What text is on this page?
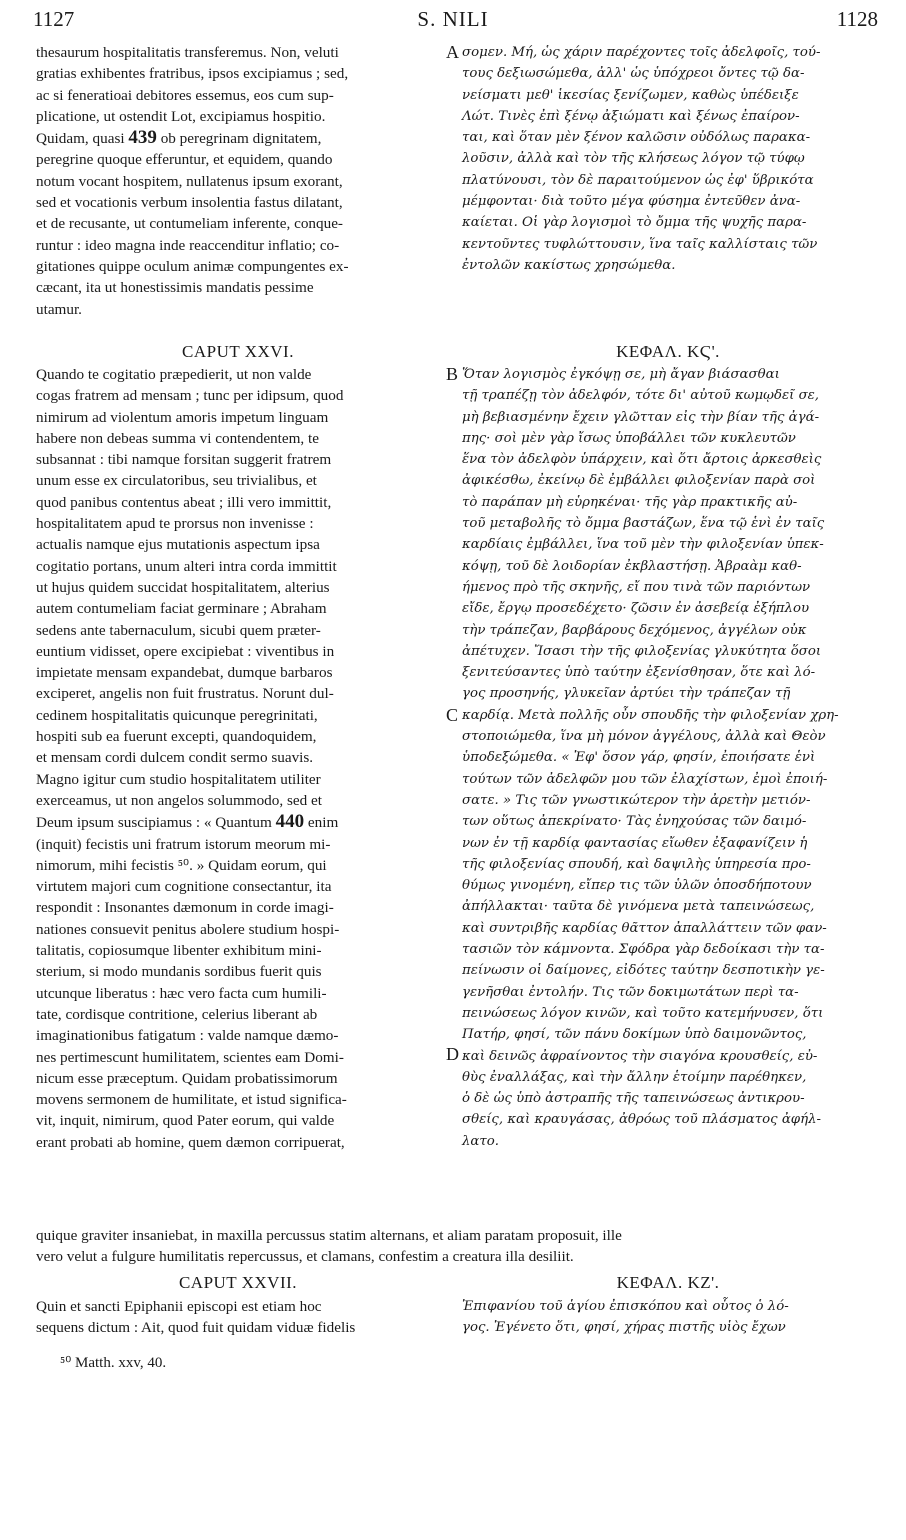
1127	S. NILI	1128

thesaurum hospitalitatis transferemus. Non, veluti

gratias exhibentes fratribus, ipsos excipiamus ; sed,

ac si feneratioai debitores essemus, eos cum sup-

plicatione, ut ostendit Lot, excipiamus hospitio.

Quidam, quasi 439 ob peregrinam dignitatem,

peregrine quoque efferuntur, et equidem, quando

notum vocant hospitem, nullatenus ipsum exorant,

sed et vocationis verbum insolentia fastus dilatant,

et de recusante, ut contumeliam inferente, conque-

runtur : ideo magna inde reaccenditur inflatio; co-

gitationes quippe oculum animæ compungentes ex-

cæcant, ita ut honestissimis mandatis pessime

utamur.

σομεν. Μή, ὡς χάριν παρέχοντες τοῖς ἀδελφοῖς, τού-

τους δεξιωσώμεθα, ἀλλ' ὡς ὑπόχρεοι ὄντες τῷ δα-

νείσματι μεθ' ἱκεσίας ξενίζωμεν, καθὼς ὑπέδειξε

Λώτ. Τινὲς ἐπὶ ξένῳ ἀξιώματι καὶ ξένως ἐπαίρον-

ται, καὶ ὅταν μὲν ξένον καλῶσιν οὐδόλως παρακα-

λοῦσιν, ἀλλὰ καὶ τὸν τῆς κλήσεως λόγον τῷ τύφῳ

πλατύνουσι, τὸν δὲ παραιτούμενον ὡς ἐφ' ὕβρικότα

μέμφονται· διὰ τοῦτο μέγα φύσημα ἐντεῦθεν ἀνα-

καίεται. Οἱ γὰρ λογισμοὶ τὸ ὄμμα τῆς ψυχῆς παρα-

κεντοῦντες τυφλώττουσιν, ἵνα ταῖς καλλίσταις τῶν

ἐντολῶν κακίστως χρησώμεθα.

A
B
C
D
CAPUT XXVI.	ΚΕΦΑΛ. ΚϚ'.

Quando te cogitatio præpedierit, ut non valde

cogas fratrem ad mensam ; tunc per idipsum, quod

nimirum ad violentum amoris impetum linguam

habere non debeas summa vi contendentem, te

subsannat : tibi namque forsitan suggerit fratrem

unum esse ex circulatoribus, seu trivialibus, et

quod panibus contentus abeat ; illi vero immittit,

hospitalitatem apud te prorsus non invenisse :

actualis namque ejus mutationis aspectum ipsa

cogitatio portans, unum alteri intra corda immittit

ut hujus quidem succidat hospitalitatem, alterius

autem contumeliam faciat germinare ; Abraham

sedens ante tabernaculum, sicubi quem præter-

euntium vidisset, opere excipiebat : viventibus in

impietate mensam expandebat, dumque barbaros

exciperet, angelis non fuit frustratus. Norunt dul-

cedinem hospitalitatis quicunque peregrinitati,

hospiti sub ea fuerunt excepti, quandoquidem,

et mensam cordi dulcem condit sermo suavis.

Magno igitur cum studio hospitalitatem utiliter

exerceamus, ut non angelos solummodo, sed et

Deum ipsum suscipiamus : « Quantum 440 enim

(inquit) fecistis uni fratrum istorum meorum mi-

nimorum, mihi fecistis ⁵⁰. » Quidam eorum, qui

virtutem majori cum cognitione consectantur, ita

respondit : Insonantes dæmonum in corde imagi-

nationes consuevit penitus abolere studium hospi-

talitatis, copiosumque libenter exhibitum mini-

sterium, si modo mundanis sordibus fuerit quis

utcunque liberatus : hæc vero facta cum humili-

tate, cordisque contritione, celerius liberant ab

imaginationibus fatigatum : valde namque dæmo-

nes pertimescunt humilitatem, scientes eam Domi-

nicum esse præceptum. Quidam probatissimorum

movens sermonem de humilitate, et istud significa-

vit, inquit, nimirum, quod Pater eorum, qui valde

erant probati ab homine, quem dæmon corripuerat,

Ὅταν λογισμὸς ἐγκόψῃ σε, μὴ ἄγαν βιάσασθαι

τῇ τραπέζῃ τὸν ἀδελφόν, τότε δι' αὐτοῦ κωμῳδεῖ σε,

μὴ βεβιασμένην ἔχειν γλῶτταν εἰς τὴν βίαν τῆς ἀγά-

πης· σοὶ μὲν γὰρ ἴσως ὑποβάλλει τῶν κυκλευτῶν

ἕνα τὸν ἀδελφὸν ὑπάρχειν, καὶ ὅτι ἄρτοις ἀρκεσθεὶς

ἀφικέσθω, ἐκείνῳ δὲ ἐμβάλλει φιλοξενίαν παρὰ σοὶ

τὸ παράπαν μὴ εὑρηκέναι· τῆς γὰρ πρακτικῆς αὐ-

τοῦ μεταβολῆς τὸ ὄμμα βαστάζων, ἕνα τῷ ἑνὶ ἐν ταῖς

καρδίαις ἐμβάλλει, ἵνα τοῦ μὲν τὴν φιλοξενίαν ὑπεκ-

κόψῃ, τοῦ δὲ λοιδορίαν ἐκβλαστήσῃ. Ἀβραὰμ καθ-

ήμενος πρὸ τῆς σκηνῆς, εἴ που τινὰ τῶν παριόντων

εἴδε, ἔργῳ προσεδέχετο· ζῶσιν ἐν ἀσεβείᾳ ἐξήπλου

τὴν τράπεζαν, βαρβάρους δεχόμενος, ἀγγέλων οὐκ

ἀπέτυχεν. Ἴσασι τὴν τῆς φιλοξενίας γλυκύτητα ὅσοι

ξενιτεύσαντες ὑπὸ ταύτην ἐξενίσθησαν, ὅτε καὶ λό-

γος προσηνής, γλυκεῖαν ἀρτύει τὴν τράπεζαν τῇ

καρδίᾳ. Μετὰ πολλῆς οὖν σπουδῆς τὴν φιλοξενίαν χρη-

στοποιώμεθα, ἵνα μὴ μόνον ἀγγέλους, ἀλλὰ καὶ Θεὸν

ὑποδεξώμεθα. « Ἐφ' ὅσον γάρ, φησίν, ἐποιήσατε ἑνὶ

τούτων τῶν ἀδελφῶν μου τῶν ἐλαχίστων, ἐμοὶ ἐποιή-

σατε. » Τις τῶν γνωστικώτερον τὴν ἀρετὴν μετιόν-

των οὕτως ἀπεκρίνατο· Τὰς ἐνηχούσας τῶν δαιμό-

νων ἐν τῇ καρδίᾳ φαντασίας εἴωθεν ἐξαφανίζειν ἡ

τῆς φιλοξενίας σπουδή, καὶ δαψιλὴς ὑπηρεσία προ-

θύμως γινομένη, εἴπερ τις τῶν ὑλῶν ὁποσδήποτουν

ἀπήλλακται· ταῦτα δὲ γινόμενα μετὰ ταπεινώσεως,

καὶ συντριβῆς καρδίας θᾶττον ἀπαλλάττειν τῶν φαν-

τασιῶν τὸν κάμνοντα. Σφόδρα γὰρ δεδοίκασι τὴν τα-

πείνωσιν οἱ δαίμονες, εἰδότες ταύτην δεσποτικὴν γε-

γενῆσθαι ἐντολήν. Τις τῶν δοκιμωτάτων περὶ τα-

πεινώσεως λόγον κινῶν, καὶ τοῦτο κατεμήνυσεν, ὅτι

Πατήρ, φησί, τῶν πάνυ δοκίμων ὑπὸ δαιμονῶντος,

καὶ δεινῶς ἀφραίνοντος τὴν σιαγόνα κρουσθείς, εὐ-

θὺς ἐναλλάξας, καὶ τὴν ἄλλην ἑτοίμην παρέθηκεν,

ὁ δὲ ὡς ὑπὸ ἀστραπῆς τῆς ταπεινώσεως ἀντικρου-

σθείς, καὶ κραυγάσας, ἀθρόως τοῦ πλάσματος ἀφήλ-

λατο.

quique graviter insaniebat, in maxilla percussus statim alternans, et aliam paratam proposuit, ille

vero velut a fulgure humilitatis repercussus, et clamans, confestim a creatura illa desiliit.

CAPUT XXVII.	ΚΕΦΑΛ. ΚΖ'.

Quin et sancti Epiphanii episcopi est etiam hoc

sequens dictum : Ait, quod fuit quidam viduæ fidelis

Ἐπιφανίου τοῦ ἁγίου ἐπισκόπου καὶ οὗτος ὁ λό-

γος. Ἐγένετο ὅτι, φησί, χήρας πιστῆς υἱὸς ἔχων

⁵⁰ Matth. xxv, 40.
